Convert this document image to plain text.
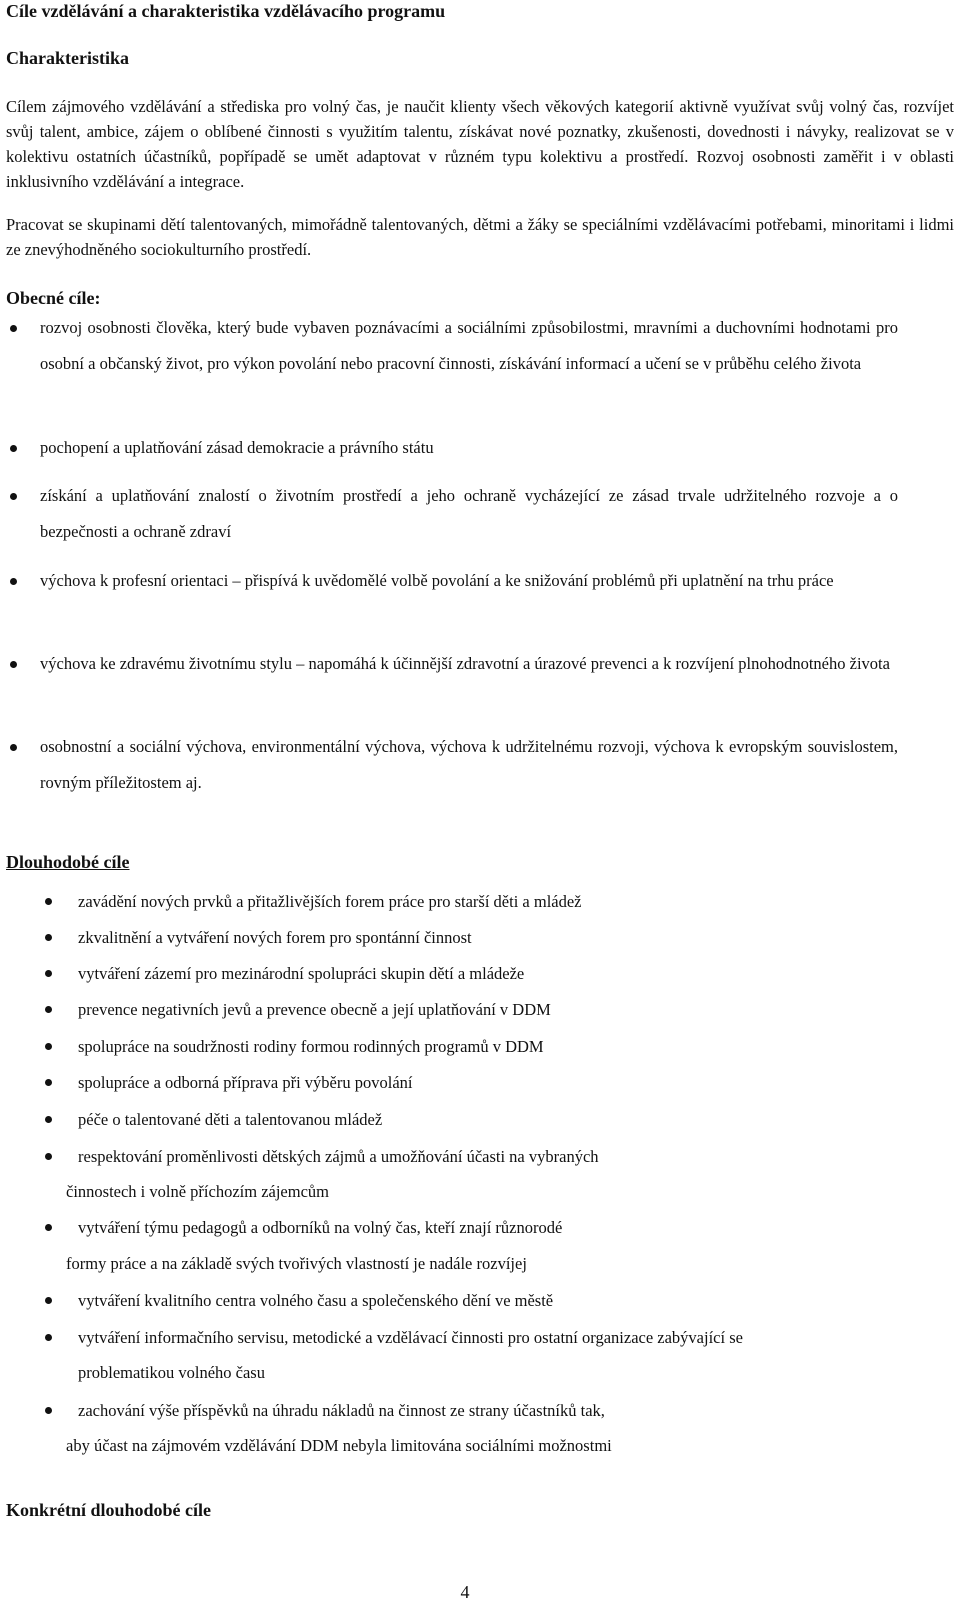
Cíle vzdělávání a charakteristika vzdělávacího programu
Charakteristika

Cílem zájmového vzdělávání a střediska pro volný čas, je naučit klienty všech věkových kategorií aktivně využívat svůj volný čas, rozvíjet svůj talent, ambice, zájem o oblíbené činnosti s využitím talentu, získávat nové poznatky, zkušenosti, dovednosti i návyky, realizovat se v kolektivu ostatních účastníků, popřípadě se umět adaptovat v různém typu kolektivu a prostředí. Rozvoj osobnosti zaměřit i v oblasti inklusivního vzdělávání a integrace.

Pracovat se skupinami dětí talentovaných, mimořádně talentovaných, dětmi a žáky se speciálními vzdělávacími potřebami, minoritami i lidmi ze znevýhodněného sociokulturního prostředí.

Obecné cíle:
rozvoj osobnosti člověka, který bude vybaven poznávacími a sociálními způsobilostmi, mravními a duchovními hodnotami pro osobní a občanský život, pro výkon povolání nebo pracovní činnosti, získávání informací a učení se v průběhu celého života
pochopení a uplatňování zásad demokracie a právního státu
získání a uplatňování znalostí o životním prostředí a jeho ochraně vycházející ze zásad trvale udržitelného rozvoje a o bezpečnosti a ochraně zdraví
výchova k profesní orientaci – přispívá k uvědomělé volbě povolání a ke snižování problémů při uplatnění na trhu práce
výchova ke zdravému životnímu stylu – napomáhá k účinnější zdravotní a úrazové prevenci a k rozvíjení plnohodnotného života
osobnostní a sociální výchova, environmentální výchova, výchova k udržitelnému rozvoji, výchova k evropským souvislostem, rovným příležitostem aj.
Dlouhodobé cíle
zavádění nových prvků a přitažlivějších forem práce pro starší děti a mládež
zkvalitnění a vytváření nových forem pro spontánní činnost
vytváření zázemí pro mezinárodní spolupráci skupin dětí a mládeže
prevence negativních jevů a prevence obecně a její uplatňování v DDM
spolupráce na soudržnosti rodiny formou rodinných programů v DDM
spolupráce a odborná příprava při výběru povolání
péče o talentované děti a talentovanou mládež
respektování proměnlivosti dětských zájmů a umožňování účasti na vybraných
činnostech i volně příchozím zájemcům
vytváření týmu pedagogů a odborníků na volný čas, kteří znají různorodé
formy práce a na základě svých tvořivých vlastností je nadále rozvíjej
vytváření kvalitního centra volného času a společenského dění ve městě
vytváření informačního servisu, metodické a vzdělávací činnosti pro ostatní organizace zabývající se
problematikou volného času
zachování výše příspěvků na úhradu nákladů na činnost ze strany účastníků tak,
aby účast na zájmovém vzdělávání DDM nebyla limitována sociálními možnostmi
Konkrétní dlouhodobé cíle
4
